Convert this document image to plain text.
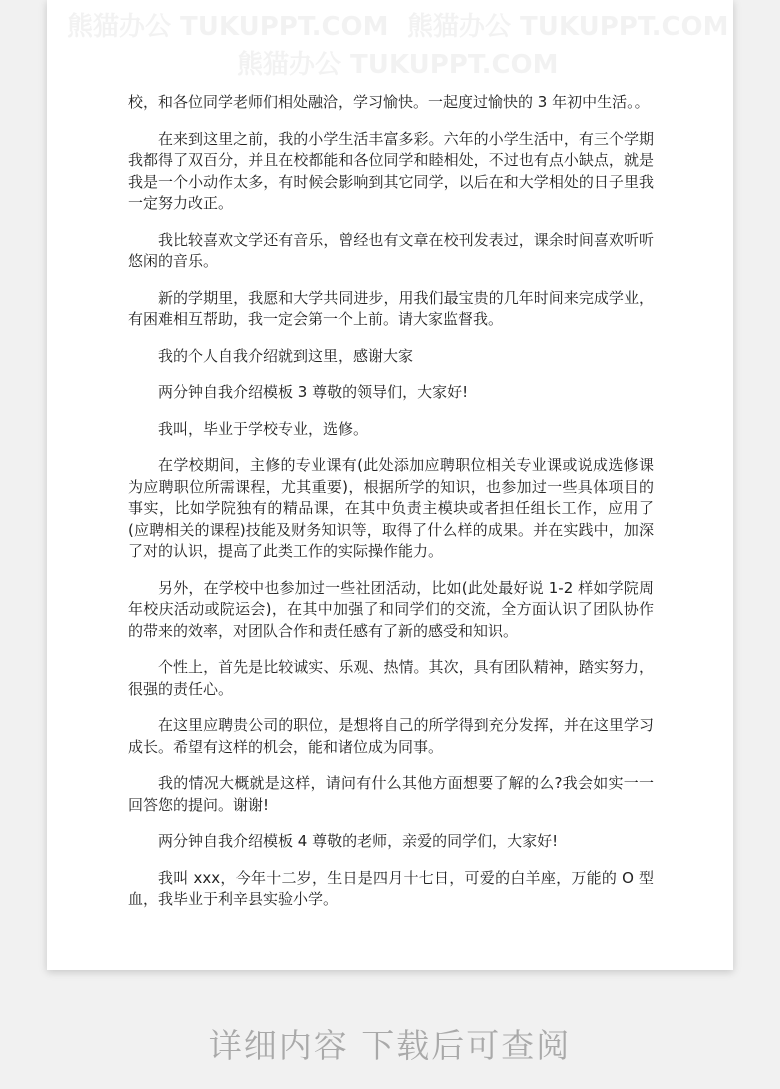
熊猫办公 TUKUPPT.COM 熊猫办公 TUKUPPT.COM
熊猫办公 TUKUPPT.COM

校，和各位同学老师们相处融洽，学习愉快。一起度过愉快的 3 年初中生活。。

在来到这里之前，我的小学生活丰富多彩。六年的小学生活中，有三个学期我都得了双百分，并且在校都能和各位同学和睦相处，不过也有点小缺点，就是我是一个小动作太多，有时候会影响到其它同学，以后在和大学相处的日子里我一定努力改正。

我比较喜欢文学还有音乐，曾经也有文章在校刊发表过，课余时间喜欢听听悠闲的音乐。

新的学期里，我愿和大学共同进步，用我们最宝贵的几年时间来完成学业，有困难相互帮助，我一定会第一个上前。请大家监督我。

我的个人自我介绍就到这里，感谢大家

两分钟自我介绍模板 3 尊敬的领导们，大家好!

我叫，毕业于学校专业，选修。

在学校期间，主修的专业课有(此处添加应聘职位相关专业课或说成选修课为应聘职位所需课程，尤其重要)，根据所学的知识，也参加过一些具体项目的事实，比如学院独有的精品课，在其中负责主模块或者担任组长工作，应用了(应聘相关的课程)技能及财务知识等，取得了什么样的成果。并在实践中，加深了对的认识，提高了此类工作的实际操作能力。

另外，在学校中也参加过一些社团活动，比如(此处最好说 1-2 样如学院周年校庆活动或院运会)，在其中加强了和同学们的交流，全方面认识了团队协作的带来的效率，对团队合作和责任感有了新的感受和知识。

个性上，首先是比较诚实、乐观、热情。其次，具有团队精神，踏实努力，很强的责任心。

在这里应聘贵公司的职位，是想将自己的所学得到充分发挥，并在这里学习成长。希望有这样的机会，能和诸位成为同事。

我的情况大概就是这样，请问有什么其他方面想要了解的么?我会如实一一回答您的提问。谢谢!

两分钟自我介绍模板 4 尊敬的老师，亲爱的同学们，大家好!

我叫 xxx，今年十二岁，生日是四月十七日，可爱的白羊座，万能的 O 型血，我毕业于利辛县实验小学。

详细内容 下载后可查阅
